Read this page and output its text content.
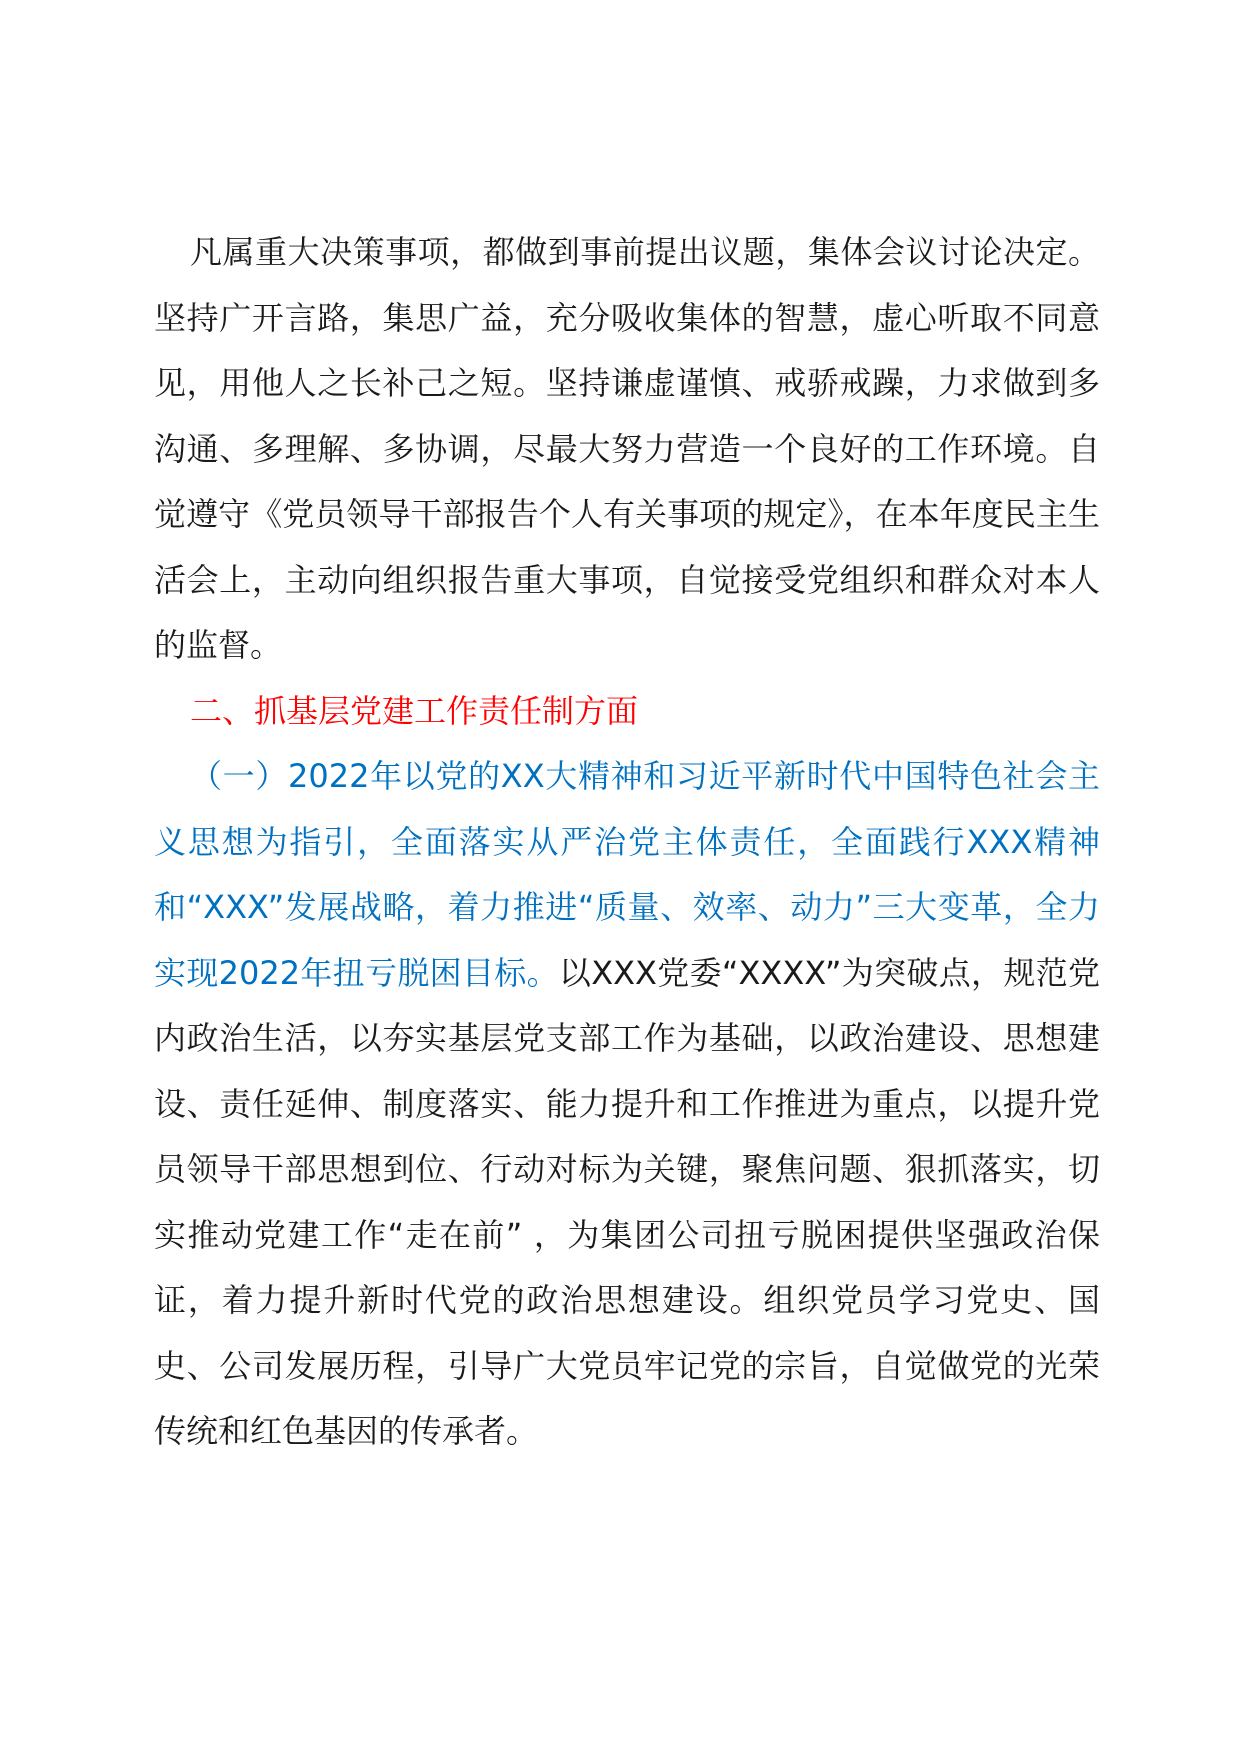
凡属重大决策事项，都做到事前提出议题，集体会议讨论决定。坚持广开言路，集思广益，充分吸收集体的智慧，虚心听取不同意见，用他人之长补己之短。坚持谦虚谨慎、戒骄戒躁，力求做到多沟通、多理解、多协调，尽最大努力营造一个良好的工作环境。自觉遵守《党员领导干部报告个人有关事项的规定》，在本年度民主生活会上，主动向组织报告重大事项，自觉接受党组织和群众对本人的监督。

二、抓基层党建工作责任制方面

（一）2022年以党的XX大精神和习近平新时代中国特色社会主义思想为指引，全面落实从严治党主体责任，全面践行XXX精神和“XXX”发展战略，着力推进“质量、效率、动力”三大变革，全力实现2022年扭亏脱困目标。以XXX党委“XXXX”为突破点，规范党内政治生活，以夯实基层党支部工作为基础，以政治建设、思想建设、责任延伸、制度落实、能力提升和工作推进为重点，以提升党员领导干部思想到位、行动对标为关键，聚焦问题、狠抓落实，切实推动党建工作“走在前” ，为集团公司扭亏脱困提供坚强政治保证，着力提升新时代党的政治思想建设。组织党员学习党史、国史、公司发展历程，引导广大党员牢记党的宗旨，自觉做党的光荣传统和红色基因的传承者。
